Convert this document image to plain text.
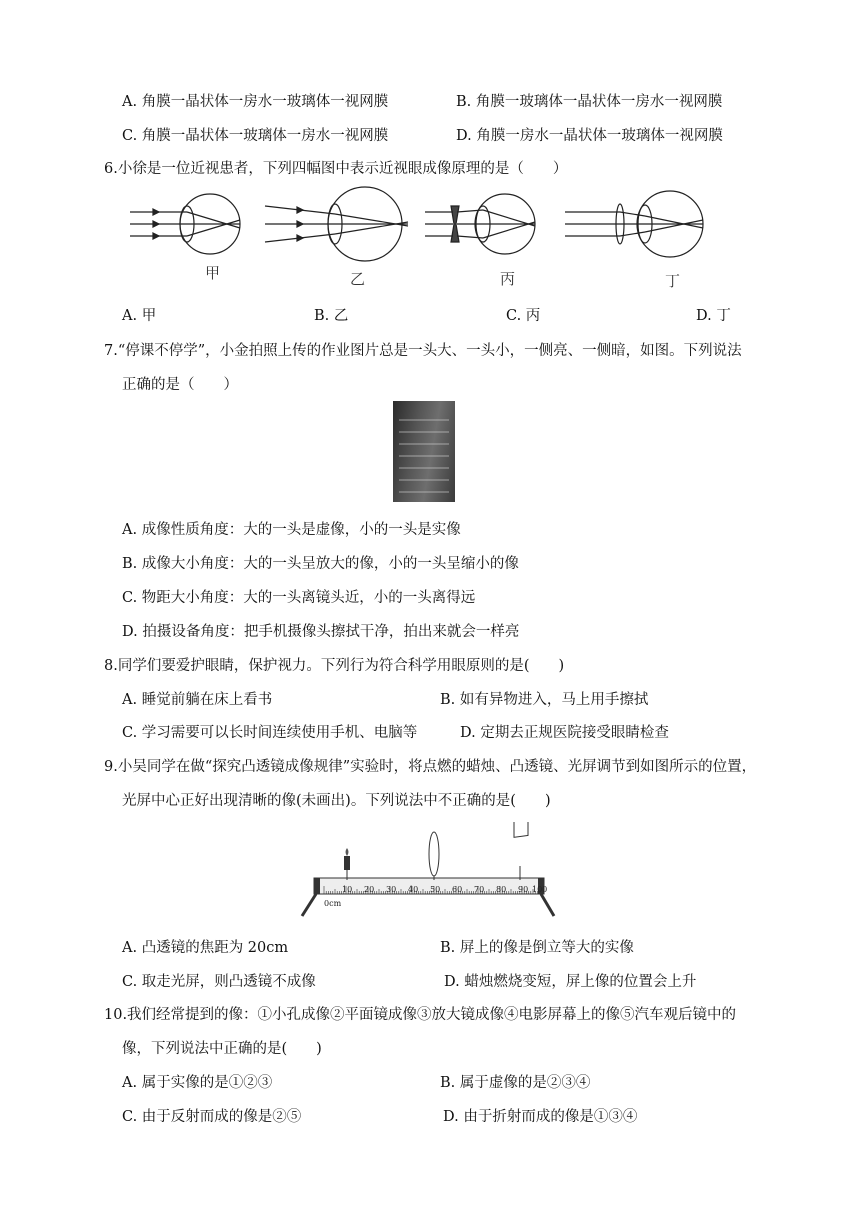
A. 角膜一晶状体一房水一玻璃体一视网膜	B. 角膜一玻璃体一晶状体一房水一视网膜
C. 角膜一晶状体一玻璃体一房水一视网膜	D. 角膜一房水一晶状体一玻璃体一视网膜
6.小徐是一位近视患者，下列四幅图中表示近视眼成像原理的是（　　）
甲	乙	丙	丁
A. 甲	B. 乙	C. 丙	D. 丁
7.“停课不停学”，小金拍照上传的作业图片总是一头大、一头小，一侧亮、一侧暗，如图。下列说法
正确的是（　　）
A. 成像性质角度：大的一头是虚像，小的一头是实像
B. 成像大小角度：大的一头呈放大的像，小的一头呈缩小的像
C. 物距大小角度：大的一头离镜头近，小的一头离得远
D. 拍摄设备角度：把手机摄像头擦拭干净，拍出来就会一样亮
8.同学们要爱护眼睛，保护视力。下列行为符合科学用眼原则的是(　　)
A. 睡觉前躺在床上看书	B. 如有异物进入，马上用手擦拭
C. 学习需要可以长时间连续使用手机、电脑等	D. 定期去正规医院接受眼睛检查
9.小吴同学在做“探究凸透镜成像规律”实验时，将点燃的蜡烛、凸透镜、光屏调节到如图所示的位置，
光屏中心正好出现清晰的像(未画出)。下列说法中不正确的是(　　)
0cm
10 20 30 40 50 60 70 80 90 100
A. 凸透镜的焦距为 20cm	B. 屏上的像是倒立等大的实像
C. 取走光屏，则凸透镜不成像	D. 蜡烛燃烧变短，屏上像的位置会上升
10.我们经常提到的像：①小孔成像②平面镜成像③放大镜成像④电影屏幕上的像⑤汽车观后镜中的
像，下列说法中正确的是(　　)
A. 属于实像的是①②③	B. 属于虚像的是②③④
C. 由于反射而成的像是②⑤	D. 由于折射而成的像是①③④
